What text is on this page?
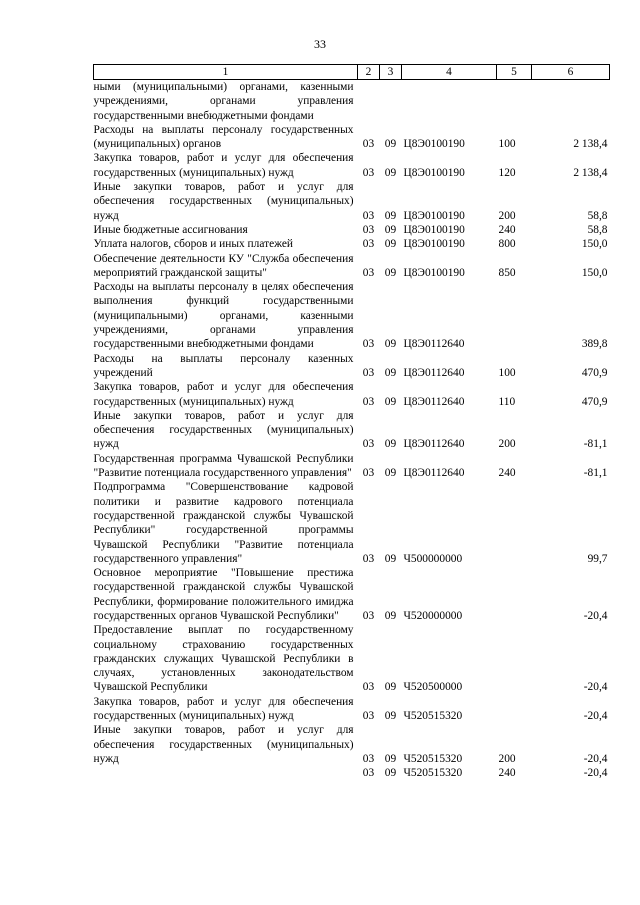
33
1	2	3	4	5	6
ными (муниципальными) органами, казенными учреждениями, органами управления государственными внебюджетными фондами					
Расходы на выплаты персоналу государственных (муниципальных) органов	03	09	Ц8Э0100190	100	2 138,4
Закупка товаров, работ и услуг для обеспечения государственных (муниципальных) нужд	03	09	Ц8Э0100190	120	2 138,4
Иные закупки товаров, работ и услуг для обеспечения государственных (муниципальных) нужд	03	09	Ц8Э0100190	200	58,8
Иные бюджетные ассигнования	03	09	Ц8Э0100190	240	58,8
Уплата налогов, сборов и иных платежей	03	09	Ц8Э0100190	800	150,0
Обеспечение деятельности КУ "Служба обеспечения мероприятий гражданской защиты"	03	09	Ц8Э0100190	850	150,0
Расходы на выплаты персоналу в целях обеспечения выполнения функций государственными (муниципальными) органами, казенными учреждениями, органами управления государственными внебюджетными фондами	03	09	Ц8Э0112640		389,8
Расходы на выплаты персоналу казенных учреждений	03	09	Ц8Э0112640	100	470,9
Закупка товаров, работ и услуг для обеспечения государственных (муниципальных) нужд	03	09	Ц8Э0112640	110	470,9
Иные закупки товаров, работ и услуг для обеспечения государственных (муниципальных) нужд	03	09	Ц8Э0112640	200	-81,1
Государственная программа Чувашской Республики "Развитие потенциала государственного управления"	03	09	Ц8Э0112640	240	-81,1
Подпрограмма "Совершенствование кадровой политики и развитие кадрового потенциала государственной гражданской службы Чувашской Республики" государственной программы Чувашской Республики "Развитие потенциала государственного управления"	03	09	Ч500000000		99,7
Основное мероприятие "Повышение престижа государственной гражданской службы Чувашской Республики, формирование положительного имиджа государственных органов Чувашской Республики"	03	09	Ч520000000		-20,4
Предоставление выплат по государственному социальному страхованию государственных гражданских служащих Чувашской Республики в случаях, установленных законодательством Чувашской Республики	03	09	Ч520500000		-20,4
Закупка товаров, работ и услуг для обеспечения государственных (муниципальных) нужд	03	09	Ч520515320		-20,4
Иные закупки товаров, работ и услуг для обеспечения государственных (муниципальных) нужд	03	09	Ч520515320	200	-20,4
	03	09	Ч520515320	240	-20,4
